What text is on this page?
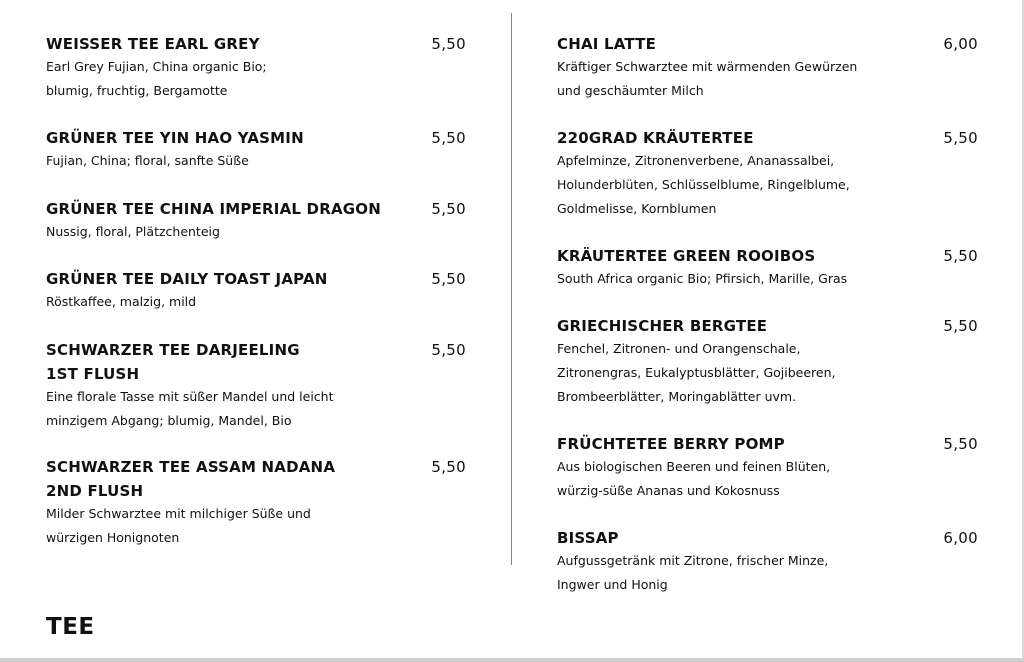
WEISSER TEE EARL GREY	5,50
Earl Grey Fujian, China organic Bio;
blumig, fruchtig, Bergamotte
GRÜNER TEE YIN HAO YASMIN	5,50
Fujian, China; floral, sanfte Süße
GRÜNER TEE CHINA IMPERIAL DRAGON	5,50
Nussig, floral, Plätzchenteig
GRÜNER TEE DAILY TOAST JAPAN	5,50
Röstkaffee, malzig, mild
SCHWARZER TEE DARJEELING
1ST FLUSH
5,50
Eine florale Tasse mit süßer Mandel und leicht
minzigem Abgang; blumig, Mandel, Bio
SCHWARZER TEE ASSAM NADANA
2ND FLUSH
5,50
Milder Schwarztee mit milchiger Süße und
würzigen Honignoten
CHAI LATTE	6,00
Kräftiger Schwarztee mit wärmenden Gewürzen
und geschäumter Milch
220GRAD KRÄUTERTEE	5,50
Apfelminze, Zitronenverbene, Ananassalbei,
Holunderblüten, Schlüsselblume, Ringelblume,
Goldmelisse, Kornblumen
KRÄUTERTEE GREEN ROOIBOS	5,50
South Africa organic Bio; Pfirsich, Marille, Gras
GRIECHISCHER BERGTEE	5,50
Fenchel, Zitronen- und Orangenschale,
Zitronengras, Eukalyptusblätter, Gojibeeren,
Brombeerblätter, Moringablätter uvm.
FRÜCHTETEE BERRY POMP	5,50
Aus biologischen Beeren und feinen Blüten,
würzig-süße Ananas und Kokosnuss
BISSAP	6,00
Aufgussgetränk mit Zitrone, frischer Minze,
Ingwer und Honig
TEE
